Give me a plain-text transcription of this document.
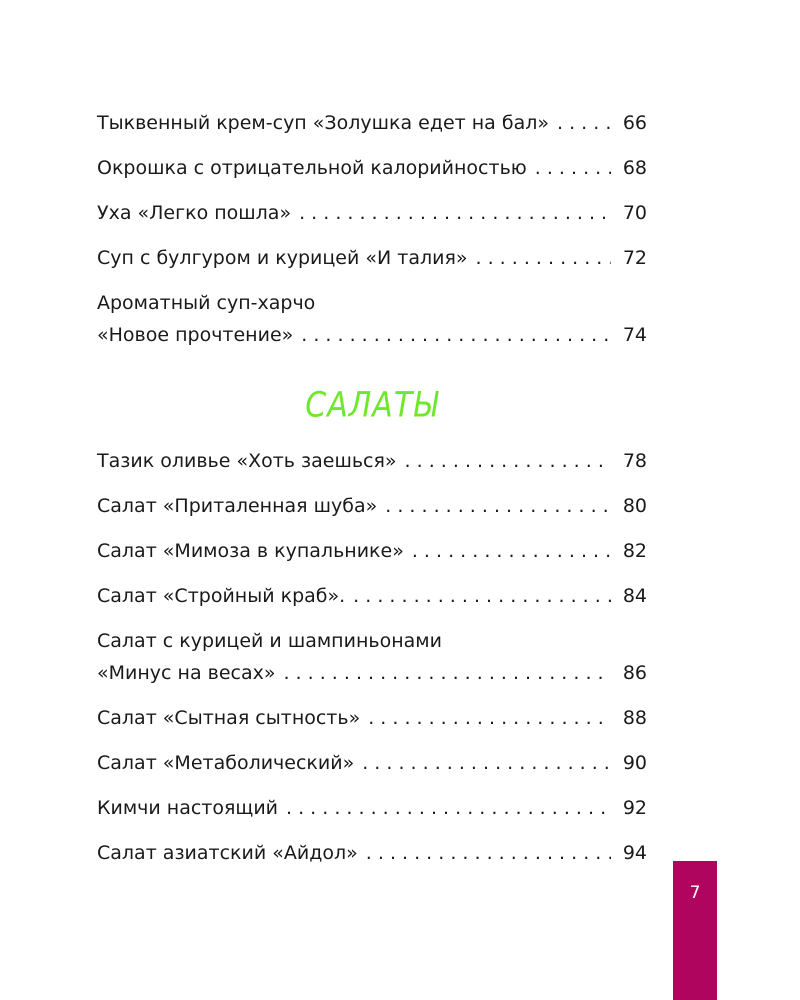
Тыквенный крем-суп «Золушка едет на бал» . . .	66
Окрошка с отрицательной калорийностью . . .	68
Уха «Легко пошла» . . .	70
Суп с булгуром и курицей «И талия» . . .	72
Ароматный суп-харчо
«Новое прочтение» . . .	74
САЛАТЫ
Тазик оливье «Хоть заешься» . . .	78
Салат «Приталенная шуба» . . .	80
Салат «Мимоза в купальнике» . . .	82
Салат «Стройный краб». . . .	84
Салат с курицей и шампиньонами
«Минус на весах» . . .	86
Салат «Сытная сытность» . . .	88
Салат «Метаболический» . . .	90
Кимчи настоящий . . .	92
Салат азиатский «Айдол» . . .	94
7
